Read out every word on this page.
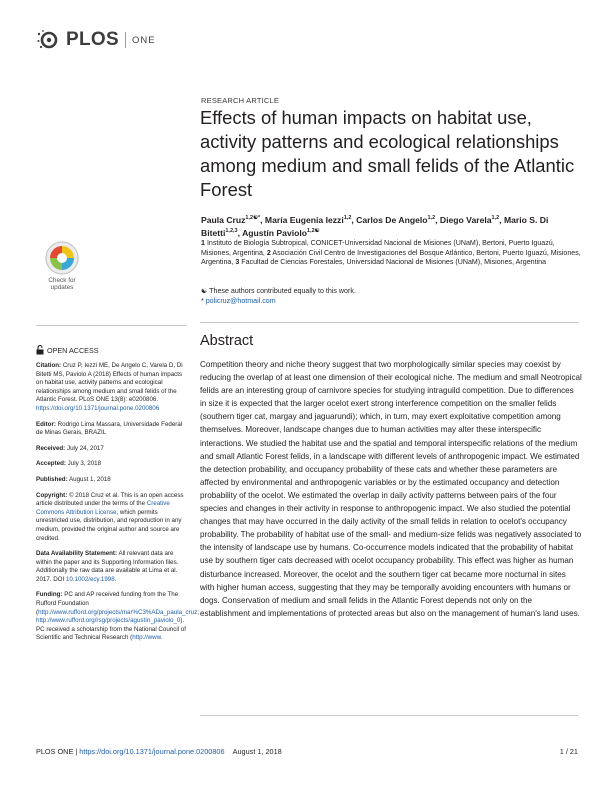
PLOS ONE
RESEARCH ARTICLE
Effects of human impacts on habitat use, activity patterns and ecological relationships among medium and small felids of the Atlantic Forest
Paula Cruz$^{1,2☯*}$, María Eugenia Iezzi$^{1,2}$, Carlos De Angelo$^{1,2}$, Diego Varela$^{1,2}$, Mario S. Di Bitetti$^{1,2,3}$, Agustín Paviolo$^{1,2☯}$
1 Instituto de Biología Subtropical, CONICET-Universidad Nacional de Misiones (UNaM), Bertoni, Puerto Iguazú, Misiones, Argentina, 2 Asociación Civil Centro de Investigaciones del Bosque Atlántico, Bertoni, Puerto Iguazú, Misiones, Argentina, 3 Facultad de Ciencias Forestales, Universidad Nacional de Misiones (UNaM), Misiones, Argentina
☯ These authors contributed equally to this work.
* policruz@hotmail.com
Check for
updates
OPEN ACCESS

Citation: Cruz P, Iezzi ME, De Angelo C, Varela D, Di Bitetti MS, Paviolo A (2018) Effects of human impacts on habitat use, activity patterns and ecological relationships among medium and small felids of the Atlantic Forest. PLoS ONE 13(8): e0200806. https://doi.org/10.1371/journal.pone.0200806

Editor: Rodrigo Lima Massara, Universidade Federal de Minas Gerais, BRAZIL

Received: July 24, 2017

Accepted: July 3, 2018

Published: August 1, 2018

Copyright: © 2018 Cruz et al. This is an open access article distributed under the terms of the Creative Commons Attribution License, which permits unrestricted use, distribution, and reproduction in any medium, provided the original author and source are credited.

Data Availability Statement: All relevant data are within the paper and its Supporting Information files. Additionally the raw data are available at Lima et al. 2017. DOI 10.1002/ecy.1998.

Funding: PC and AP received funding from the The Rufford Foundation (http://www.rufford.org/projects/mar%C3%ADa_paula_cruz; http://www.rufford.org/rsg/projects/agustín_paviolo_0). PC received a scholarship from the National Council of Scientific and Technical Research (http://www.

Abstract

Competition theory and niche theory suggest that two morphologically similar species may coexist by reducing the overlap of at least one dimension of their ecological niche. The medium and small Neotropical felids are an interesting group of carnivore species for studying intraguild competition. Due to differences in size it is expected that the larger ocelot exert strong interference competition on the smaller felids (southern tiger cat, margay and jaguarundi); which, in turn, may exert exploitative competition among themselves. Moreover, landscape changes due to human activities may alter these interspecific interactions. We studied the habitat use and the spatial and temporal interspecific relations of the medium and small Atlantic Forest felids, in a landscape with different levels of anthropogenic impact. We estimated the detection probability, and occupancy probability of these cats and whether these parameters are affected by environmental and anthropogenic variables or by the estimated occupancy and detection probability of the ocelot. We estimated the overlap in daily activity patterns between pairs of the four species and changes in their activity in response to anthropogenic impact. We also studied the potential changes that may have occurred in the daily activity of the small felids in relation to ocelot's occupancy probability. The probability of habitat use of the small- and medium-size felids was negatively associated to the intensity of landscape use by humans. Co-occurrence models indicated that the probability of habitat use by southern tiger cats decreased with ocelot occupancy probability. This effect was higher as human disturbance increased. Moreover, the ocelot and the southern tiger cat became more nocturnal in sites with higher human access, suggesting that they may be temporally avoiding encounters with humans or dogs. Conservation of medium and small felids in the Atlantic Forest depends not only on the establishment and implementations of protected areas but also on the management of human's land uses.

PLOS ONE | https://doi.org/10.1371/journal.pone.0200806 August 1, 2018	1 / 21
